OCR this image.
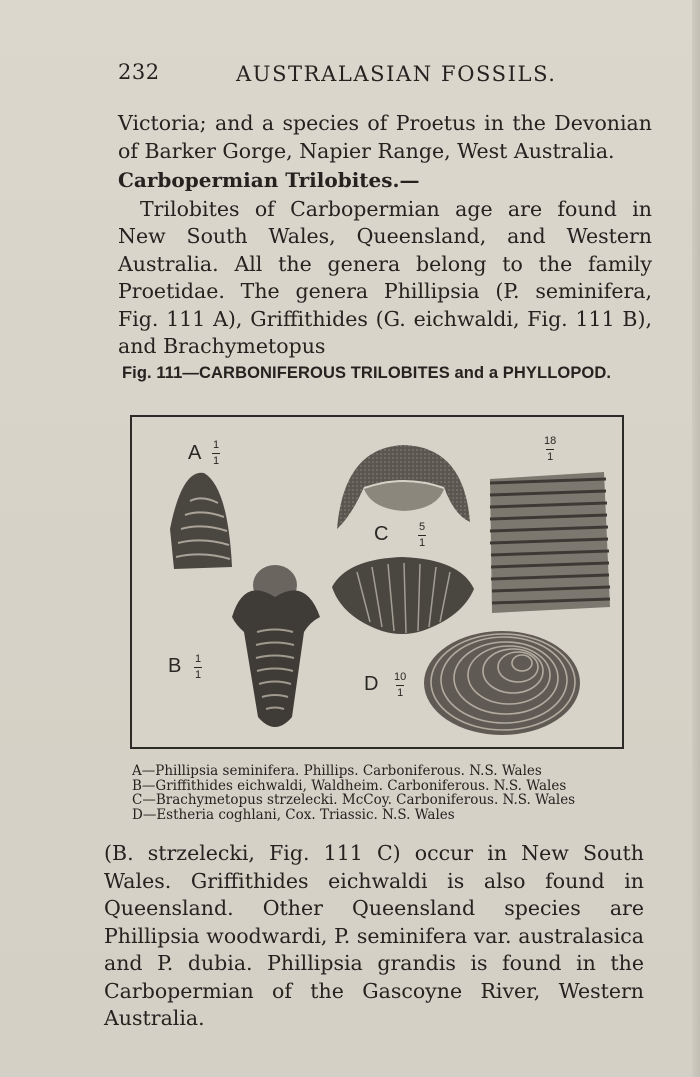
232	AUSTRALASIAN FOSSILS.

Victoria; and a species of Proetus in the Devonian of Barker Gorge, Napier Range, West Australia.

Carbopermian Trilobites.—

Trilobites of Carbopermian age are found in New South Wales, Queensland, and Western Australia. All the genera belong to the family Proetidae. The genera Phillipsia (P. seminifera, Fig. 111 A), Griffithides (G. eichwaldi, Fig. 111 B), and Brachymetopus

Fig. 111—CARBONIFEROUS TRILOBITES and a PHYLLOPOD.
A 1
1
B 1
1
C	5
1
D 10
1
18
1
A—Phillipsia seminifera. Phillips. Carboniferous. N.S. Wales
B—Griffithides eichwaldi, Waldheim. Carboniferous. N.S. Wales
C—Brachymetopus strzelecki. McCoy. Carboniferous. N.S. Wales
D—Estheria coghlani, Cox. Triassic. N.S. Wales

(B. strzelecki, Fig. 111 C) occur in New South Wales. Griffithides eichwaldi is also found in Queensland. Other Queensland species are Phillipsia woodwardi, P. seminifera var. australasica and P. dubia. Phillipsia grandis is found in the Carbopermian of the Gascoyne River, Western Australia.
